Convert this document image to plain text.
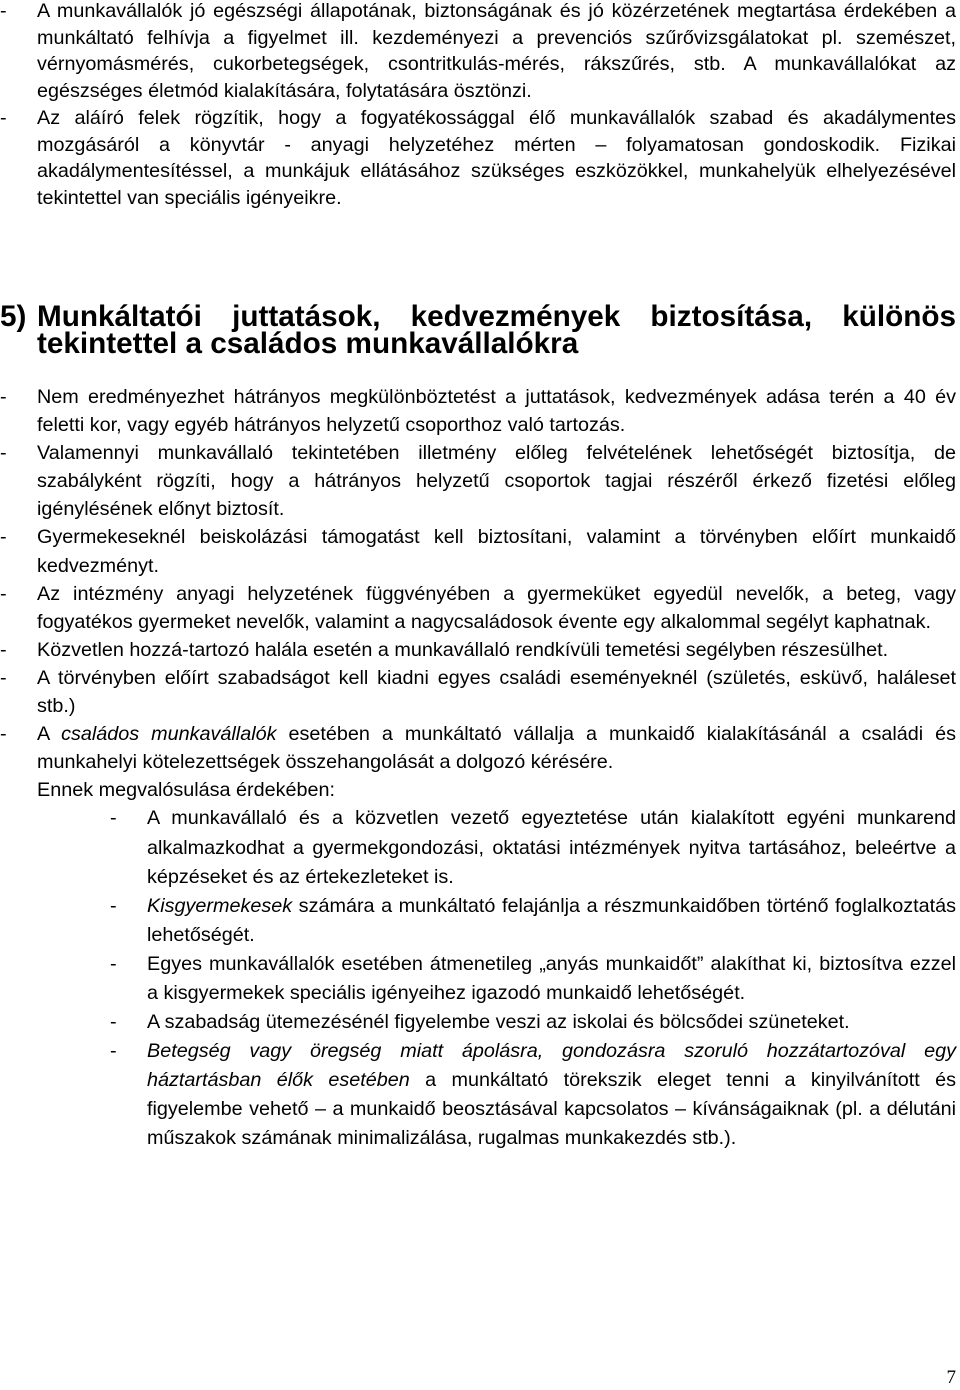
- A munkavállalók jó egészségi állapotának, biztonságának és jó közérzetének megtartása érdekében a munkáltató felhívja a figyelmet ill. kezdeményezi a prevenciós szűrővizsgálatokat pl. szemészet, vérnyomásmérés, cukorbetegségek, csontritkulás-mérés, rákszűrés, stb. A munkavállalókat az egészséges életmód kialakítására, folytatására ösztönzi.

- Az aláíró felek rögzítik, hogy a fogyatékossággal élő munkavállalók szabad és akadálymentes mozgásáról a könyvtár - anyagi helyzetéhez mérten – folyamatosan gondoskodik. Fizikai akadálymentesítéssel, a munkájuk ellátásához szükséges eszközökkel, munkahelyük elhelyezésével tekintettel van speciális igényeikre.

5) Munkáltatói juttatások, kedvezmények biztosítása, különös tekintettel a családos munkavállalókra

- Nem eredményezhet hátrányos megkülönböztetést a juttatások, kedvezmények adása terén a 40 év feletti kor, vagy egyéb hátrányos helyzetű csoporthoz való tartozás.

- Valamennyi munkavállaló tekintetében illetmény előleg felvételének lehetőségét biztosítja, de szabályként rögzíti, hogy a hátrányos helyzetű csoportok tagjai részéről érkező fizetési előleg igénylésének előnyt biztosít.

- Gyermekeseknél beiskolázási támogatást kell biztosítani, valamint a törvényben előírt munkaidő kedvezményt.

- Az intézmény anyagi helyzetének függvényében a gyermeküket egyedül nevelők, a beteg, vagy fogyatékos gyermeket nevelők, valamint a nagycsaládosok évente egy alkalommal segélyt kaphatnak.

- Közvetlen hozzá-tartozó halála esetén a munkavállaló rendkívüli temetési segélyben részesülhet.

- A törvényben előírt szabadságot kell kiadni egyes családi eseményeknél (születés, esküvő, haláleset stb.)

- A családos munkavállalók esetében a munkáltató vállalja a munkaidő kialakításánál a családi és munkahelyi kötelezettségek összehangolását a dolgozó kérésére.

Ennek megvalósulása érdekében:

- A munkavállaló és a közvetlen vezető egyeztetése után kialakított egyéni munkarend alkalmazkodhat a gyermekgondozási, oktatási intézmények nyitva tartásához, beleértve a képzéseket és az értekezleteket is.

- Kisgyermekesek számára a munkáltató felajánlja a részmunkaidőben történő foglalkoztatás lehetőségét.

- Egyes munkavállalók esetében átmenetileg „anyás munkaidőt” alakíthat ki, biztosítva ezzel a kisgyermekek speciális igényeihez igazodó munkaidő lehetőségét.

- A szabadság ütemezésénél figyelembe veszi az iskolai és bölcsődei szüneteket.

- Betegség vagy öregség miatt ápolásra, gondozásra szoruló hozzátartozóval egy háztartásban élők esetében a munkáltató törekszik eleget tenni a kinyilvánított és figyelembe vehető – a munkaidő beosztásával kapcsolatos – kívánságaiknak (pl. a délutáni műszakok számának minimalizálása, rugalmas munkakezdés stb.).

7
